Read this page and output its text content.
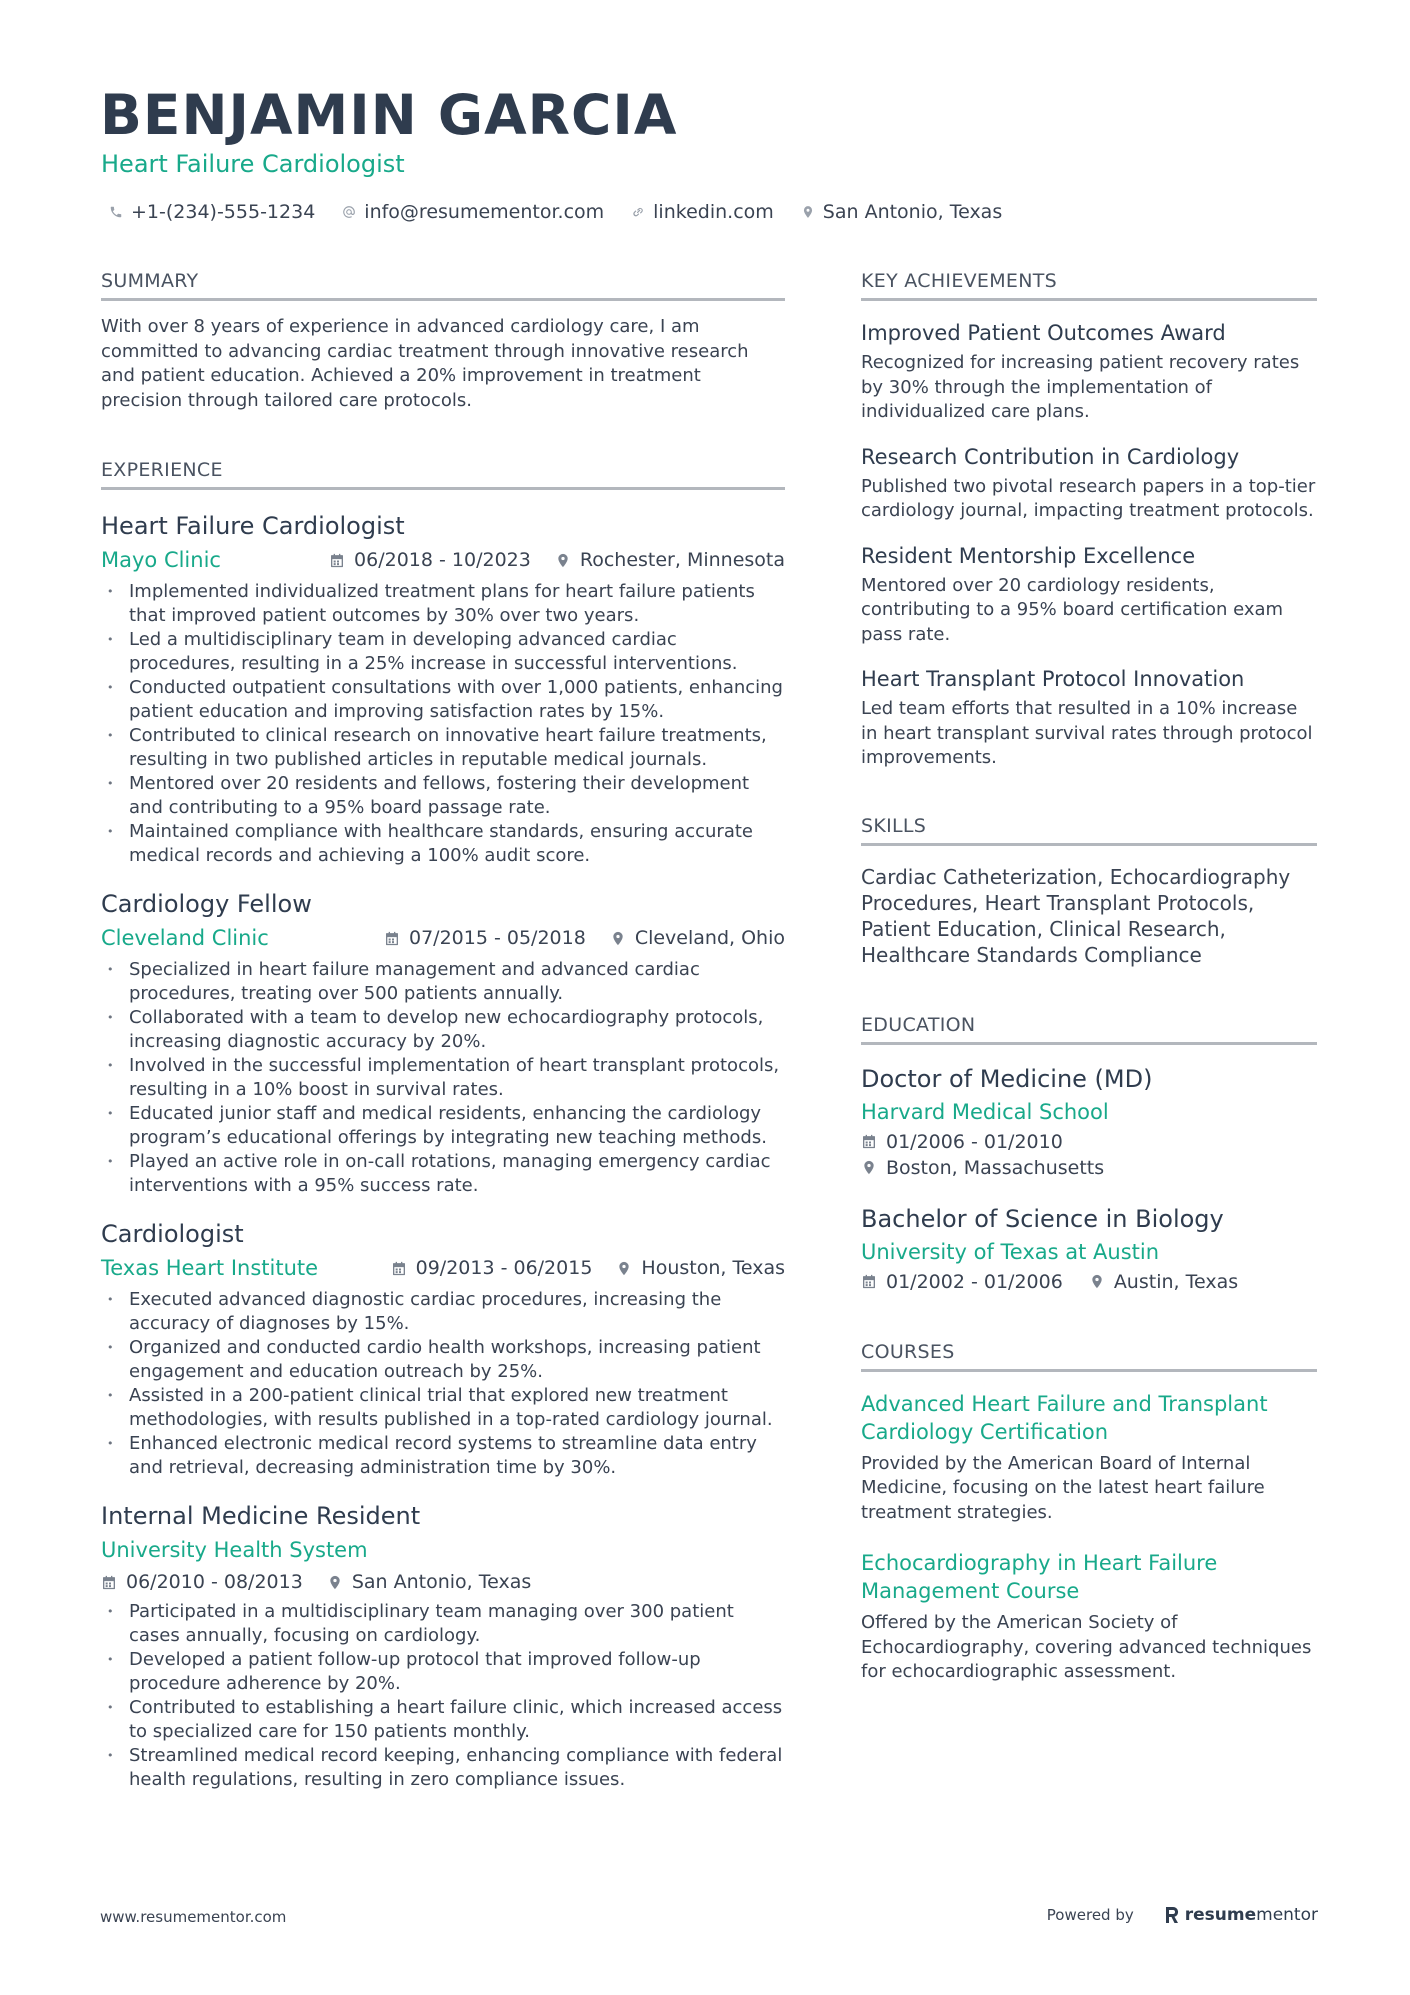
BENJAMIN GARCIA
Heart Failure Cardiologist
+1-(234)-555-1234	info@resumementor.com	linkedin.com	San Antonio, Texas
SUMMARY
With over 8 years of experience in advanced cardiology care, I am committed to advancing cardiac treatment through innovative research and patient education. Achieved a 20% improvement in treatment precision through tailored care protocols.
EXPERIENCE
Heart Failure Cardiologist
Mayo Clinic	06/2018 - 10/2023	Rochester, Minnesota
• Implemented individualized treatment plans for heart failure patients that improved patient outcomes by 30% over two years.
• Led a multidisciplinary team in developing advanced cardiac procedures, resulting in a 25% increase in successful interventions.
• Conducted outpatient consultations with over 1,000 patients, enhancing patient education and improving satisfaction rates by 15%.
• Contributed to clinical research on innovative heart failure treatments, resulting in two published articles in reputable medical journals.
• Mentored over 20 residents and fellows, fostering their development and contributing to a 95% board passage rate.
• Maintained compliance with healthcare standards, ensuring accurate medical records and achieving a 100% audit score.
Cardiology Fellow
Cleveland Clinic	07/2015 - 05/2018	Cleveland, Ohio
• Specialized in heart failure management and advanced cardiac procedures, treating over 500 patients annually.
• Collaborated with a team to develop new echocardiography protocols, increasing diagnostic accuracy by 20%.
• Involved in the successful implementation of heart transplant protocols, resulting in a 10% boost in survival rates.
• Educated junior staff and medical residents, enhancing the cardiology program’s educational offerings by integrating new teaching methods.
• Played an active role in on-call rotations, managing emergency cardiac interventions with a 95% success rate.
Cardiologist
Texas Heart Institute	09/2013 - 06/2015	Houston, Texas
• Executed advanced diagnostic cardiac procedures, increasing the accuracy of diagnoses by 15%.
• Organized and conducted cardio health workshops, increasing patient engagement and education outreach by 25%.
• Assisted in a 200-patient clinical trial that explored new treatment methodologies, with results published in a top-rated cardiology journal.
• Enhanced electronic medical record systems to streamline data entry and retrieval, decreasing administration time by 30%.
Internal Medicine Resident
University Health System
06/2010 - 08/2013	San Antonio, Texas
• Participated in a multidisciplinary team managing over 300 patient cases annually, focusing on cardiology.
• Developed a patient follow-up protocol that improved follow-up procedure adherence by 20%.
• Contributed to establishing a heart failure clinic, which increased access to specialized care for 150 patients monthly.
• Streamlined medical record keeping, enhancing compliance with federal health regulations, resulting in zero compliance issues.
KEY ACHIEVEMENTS
Improved Patient Outcomes Award
Recognized for increasing patient recovery rates by 30% through the implementation of individualized care plans.
Research Contribution in Cardiology
Published two pivotal research papers in a top-tier cardiology journal, impacting treatment protocols.
Resident Mentorship Excellence
Mentored over 20 cardiology residents, contributing to a 95% board certification exam pass rate.
Heart Transplant Protocol Innovation
Led team efforts that resulted in a 10% increase in heart transplant survival rates through protocol improvements.
SKILLS
Cardiac Catheterization, Echocardiography Procedures, Heart Transplant Protocols, Patient Education, Clinical Research, Healthcare Standards Compliance
EDUCATION
Doctor of Medicine (MD)
Harvard Medical School
01/2006 - 01/2010
Boston, Massachusetts
Bachelor of Science in Biology
University of Texas at Austin
01/2002 - 01/2006	Austin, Texas
COURSES
Advanced Heart Failure and Transplant Cardiology Certification
Provided by the American Board of Internal Medicine, focusing on the latest heart failure treatment strategies.
Echocardiography in Heart Failure Management Course
Offered by the American Society of Echocardiography, covering advanced techniques for echocardiographic assessment.
www.resumementor.com	Powered by	resumementor
